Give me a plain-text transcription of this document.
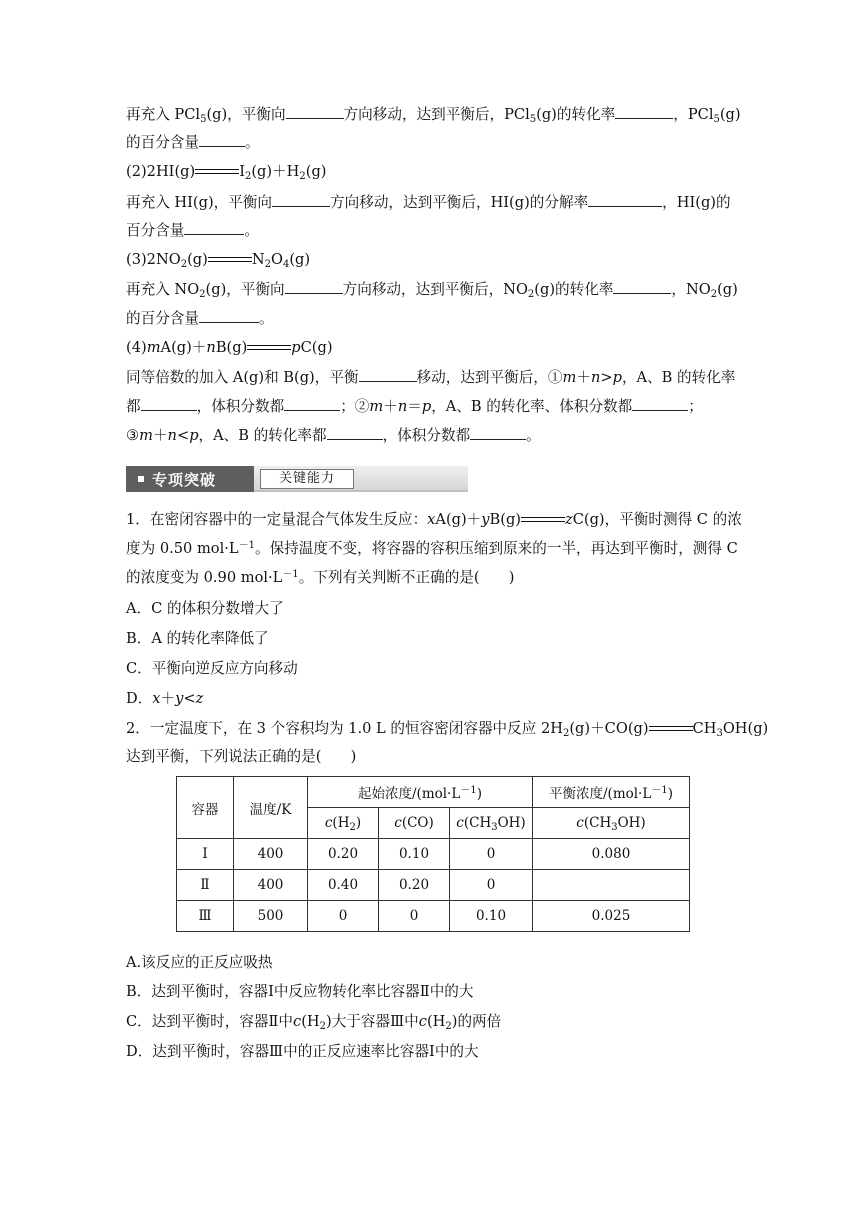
再充入 PCl$_5$(g)，平衡向	方向移动，达到平衡后，PCl$_5$(g)的转化率	，PCl$_5$(g)
的百分含量	。
(2)2HI(g)	$I_2(g)+H_2(g)$
再充入 HI(g)，平衡向	方向移动，达到平衡后，HI(g)的分解率	，HI(g)的
百分含量	。
$(3)2NO_2(g)$	$N_2O_4(g)$
再充入 $NO_2(g)$，平衡向	方向移动，达到平衡后，$NO_2(g)$的转化率	，$NO_2(g)$
的百分含量	。
(4)mA(g)＋nB(g)	pC(g)
同等倍数的加入 A(g)和 B(g)，平衡	移动，达到平衡后，①m＋n>p，A、B 的转化率
都	，体积分数都	；②m＋n＝p，A、B 的转化率、体积分数都	；
③m＋n<p，A、B 的转化率都	，体积分数都	。
专项突破	关键能力
1．在密闭容器中的一定量混合气体发生反应：xA(g)＋yB(g)	zC(g)，平衡时测得 C 的浓
度为 0.50 $mol\cdot L^{-1}$。保持温度不变，将容器的容积压缩到原来的一半，再达到平衡时，测得 C
的浓度变为 0.90 $mol\cdot L^{-1}$。下列有关判断不正确的是(　　)
A．C 的体积分数增大了
B．A 的转化率降低了
C．平衡向逆反应方向移动
D．x＋y<z
2．一定温度下，在 3 个容积均为 1.0 L 的恒容密闭容器中反应 $2H_2(g)+CO(g)$	$CH_3OH(g)$
达到平衡，下列说法正确的是(　　)
容器	温度/K	起始浓度$/(mol\cdot L^{-1})$			平衡浓度$/(mol\cdot L^{-1})$
		$c(H_2)$	c(CO)	$c(CH_3OH)$	$c(CH_3OH)$
Ⅰ	400	0.20	0.10	0	0.080
Ⅱ	400	0.40	0.20	0	
Ⅲ	500	0	0	0.10	0.025
A.该反应的正反应吸热
B．达到平衡时，容器Ⅰ中反应物转化率比容器Ⅱ中的大
C．达到平衡时，容器Ⅱ中$c(H_2)$大于容器Ⅲ中$c(H_2)$的两倍
D．达到平衡时，容器Ⅲ中的正反应速率比容器Ⅰ中的大
